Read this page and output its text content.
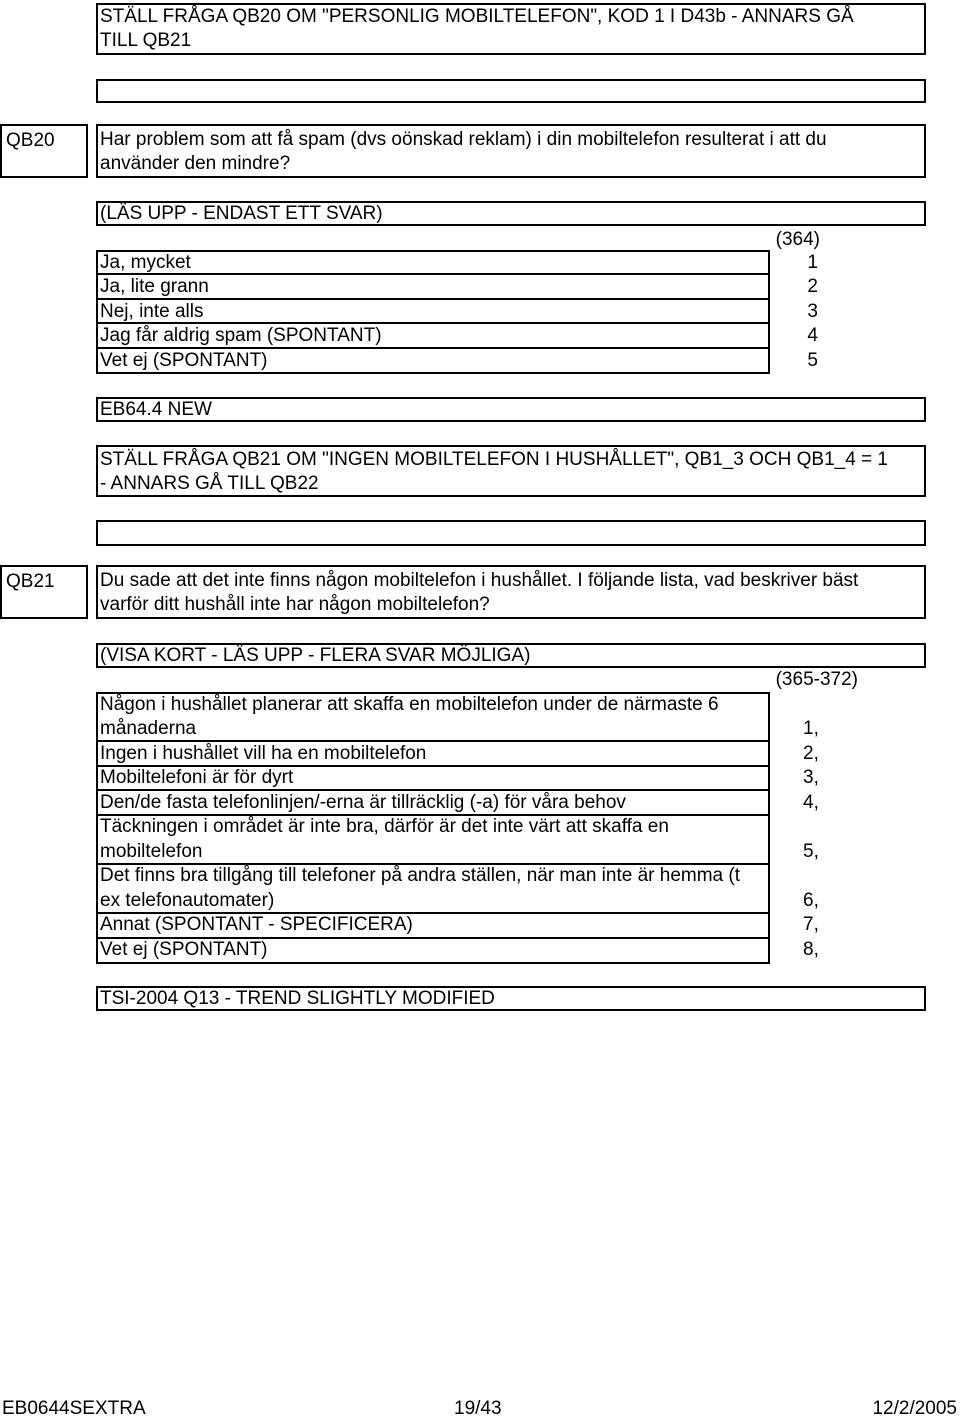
STÄLL FRÅGA QB20 OM "PERSONLIG MOBILTELEFON", KOD 1 I D43b - ANNARS GÅ
TILL QB21
QB20 Har problem som att få spam (dvs oönskad reklam) i din mobiltelefon resulterat i att du
använder den mindre?
(LÄS UPP - ENDAST ETT SVAR)
(364)
Ja, mycket	1
Ja, lite grann	2
Nej, inte alls	3
Jag får aldrig spam (SPONTANT)	4
Vet ej (SPONTANT)	5
EB64.4 NEW
STÄLL FRÅGA QB21 OM "INGEN MOBILTELEFON I HUSHÅLLET", QB1_3 OCH QB1_4 = 1
- ANNARS GÅ TILL QB22
QB21 Du sade att det inte finns någon mobiltelefon i hushållet. I följande lista, vad beskriver bäst
varför ditt hushåll inte har någon mobiltelefon?
(VISA KORT - LÄS UPP - FLERA SVAR MÖJLIGA)
(365-372)
Någon i hushållet planerar att skaffa en mobiltelefon under de närmaste 6
månaderna	1,
Ingen i hushållet vill ha en mobiltelefon	2,
Mobiltelefoni är för dyrt	3,
Den/de fasta telefonlinjen/-erna är tillräcklig (-a) för våra behov	4,
Täckningen i området är inte bra, därför är det inte värt att skaffa en
mobiltelefon	5,
Det finns bra tillgång till telefoner på andra ställen, när man inte är hemma (t
ex telefonautomater)	6,
Annat (SPONTANT - SPECIFICERA)	7,
Vet ej (SPONTANT)	8,
TSI-2004 Q13 - TREND SLIGHTLY MODIFIED
EB0644SEXTRA	19/43	12/2/2005
